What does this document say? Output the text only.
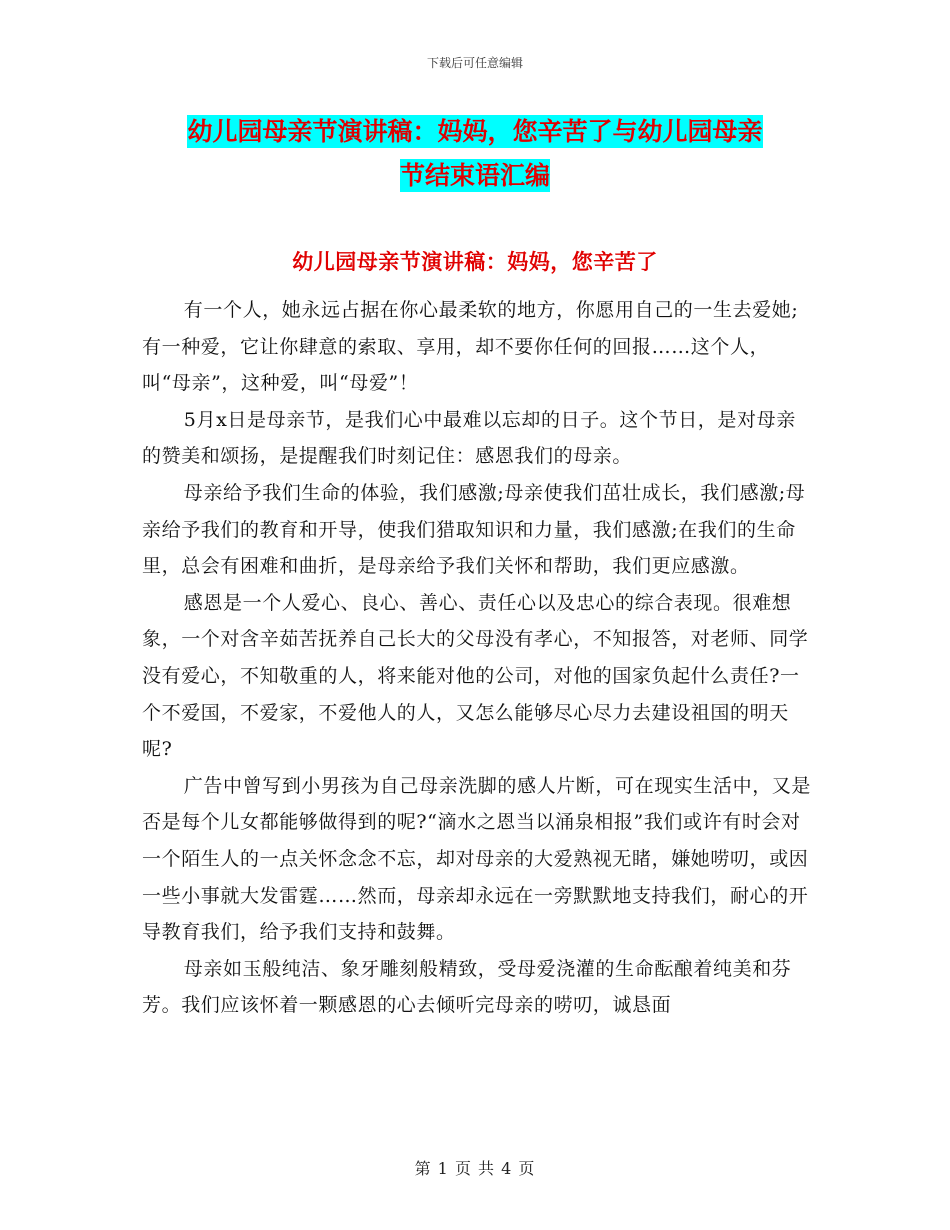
下载后可任意编辑
幼儿园母亲节演讲稿：妈妈，您辛苦了与幼儿园母亲
节结束语汇编
幼儿园母亲节演讲稿：妈妈，您辛苦了

有一个人，她永远占据在你心最柔软的地方，你愿用自己的一生去爱她;有一种爱，它让你肆意的索取、享用，却不要你任何的回报……这个人，叫“母亲”，这种爱，叫“母爱”！

5月x日是母亲节，是我们心中最难以忘却的日子。这个节日，是对母亲的赞美和颂扬，是提醒我们时刻记住：感恩我们的母亲。

母亲给予我们生命的体验，我们感激;母亲使我们茁壮成长，我们感激;母亲给予我们的教育和开导，使我们猎取知识和力量，我们感激;在我们的生命里，总会有困难和曲折，是母亲给予我们关怀和帮助，我们更应感激。

感恩是一个人爱心、良心、善心、责任心以及忠心的综合表现。很难想象，一个对含辛茹苦抚养自己长大的父母没有孝心，不知报答，对老师、同学没有爱心，不知敬重的人，将来能对他的公司，对他的国家负起什么责任?一个不爱国，不爱家，不爱他人的人，又怎么能够尽心尽力去建设祖国的明天呢?

广告中曾写到小男孩为自己母亲洗脚的感人片断，可在现实生活中，又是否是每个儿女都能够做得到的呢?“滴水之恩当以涌泉相报”我们或许有时会对一个陌生人的一点关怀念念不忘，却对母亲的大爱熟视无睹，嫌她唠叨，或因一些小事就大发雷霆……然而，母亲却永远在一旁默默地支持我们，耐心的开导教育我们，给予我们支持和鼓舞。

母亲如玉般纯洁、象牙雕刻般精致，受母爱浇灌的生命酝酿着纯美和芬芳。我们应该怀着一颗感恩的心去倾听完母亲的唠叨，诚恳面

第 1 页 共 4 页
